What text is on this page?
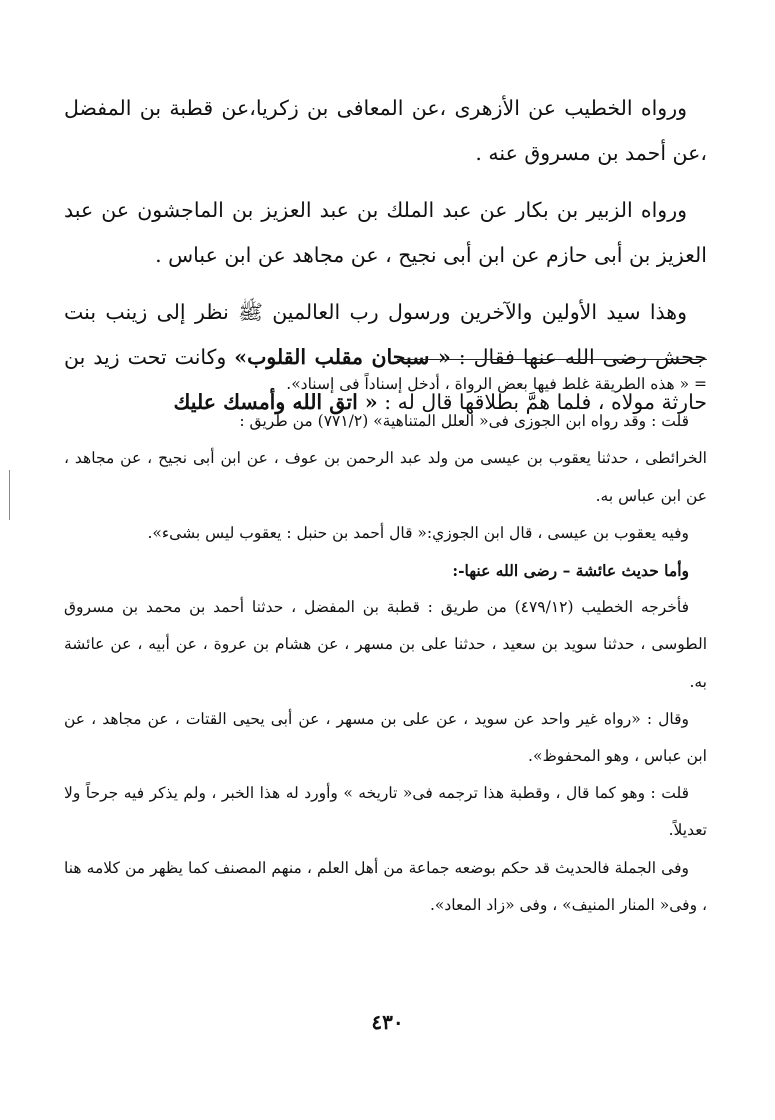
ورواه الخطيب عن الأزهرى ،عن المعافى بن زكريا،عن قطبة بن المفضل ،عن أحمد بن مسروق عنه .

ورواه الزبير بن بكار عن عبد الملك بن عبد العزيز بن الماجشون عن عبد العزيز بن أبى حازم عن ابن أبى نجيح ، عن مجاهد عن ابن عباس .

وهذا سيد الأولين والآخرين ورسول رب العالمين ﷺ نظر إلى زينب بنت جحش رضى الله عنها فقال : « سبحان مقلب القلوب» وكانت تحت زيد بن حارثة مولاه ، فلما همَّ بطلاقها قال له : « اتق الله وأمسك عليك

= « هذه الطريقة غلط فيها بعض الرواة ، أدخل إسناداً فى إسناد».

قلت : وقد رواه ابن الجوزى فى« العلل المتناهية» (٧٧١/٢) من طريق :

الخرائطى ، حدثنا يعقوب بن عيسى من ولد عبد الرحمن بن عوف ، عن ابن أبى نجيح ، عن مجاهد ، عن ابن عباس به.

وفيه يعقوب بن عيسى ، قال ابن الجوزي:« قال أحمد بن حنبل : يعقوب ليس بشىء».

وأما حديث عائشة – رضى الله عنها-:

فأخرجه الخطيب (٤٧٩/١٢) من طريق : قطبة بن المفضل ، حدثنا أحمد بن محمد بن مسروق الطوسى ، حدثنا سويد بن سعيد ، حدثنا على بن مسهر ، عن هشام بن عروة ، عن أبيه ، عن عائشة به.

وقال : «رواه غير واحد عن سويد ، عن على بن مسهر ، عن أبى يحيى القتات ، عن مجاهد ، عن ابن عباس ، وهو المحفوظ».

قلت : وهو كما قال ، وقطبة هذا ترجمه فى« تاريخه » وأورد له هذا الخبر ، ولم يذكر فيه جرحاً ولا تعديلاً.

وفى الجملة فالحديث قد حكم بوضعه جماعة من أهل العلم ، منهم المصنف كما يظهر من كلامه هنا ، وفى« المنار المنيف» ، وفى «زاد المعاد».

٤٣٠
